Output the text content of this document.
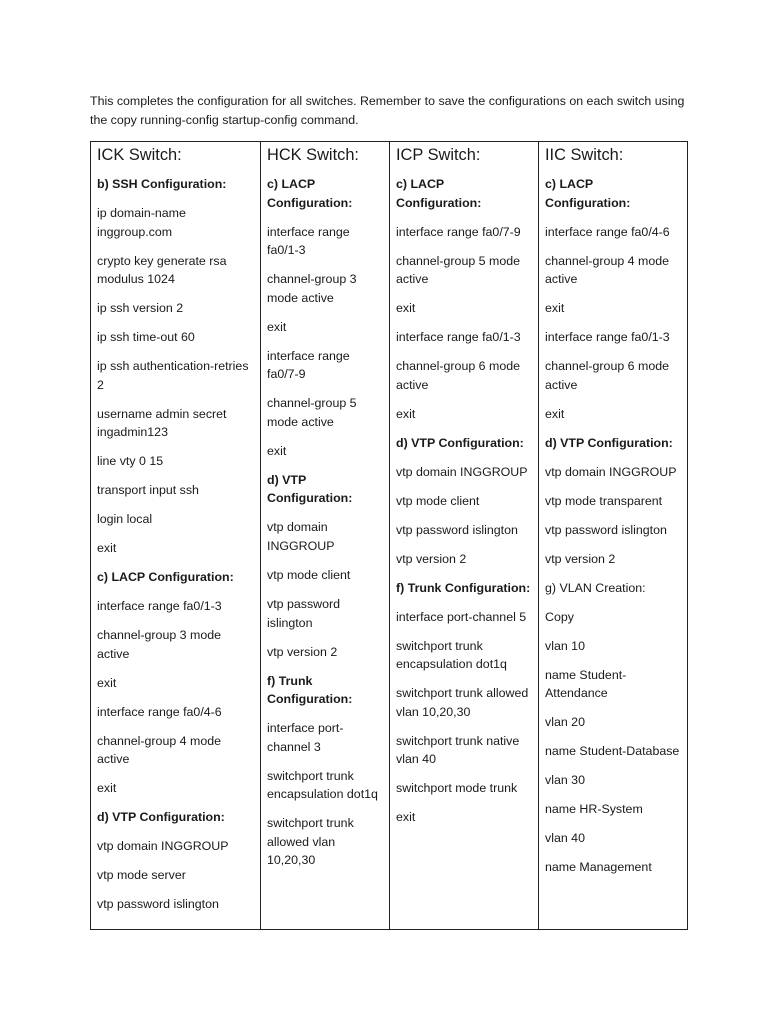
This completes the configuration for all switches. Remember to save the configurations on each switch using the copy running-config startup-config command.

ICK Switch:
b) SSH Configuration:
ip domain-name inggroup.com
crypto key generate rsa modulus 1024
ip ssh version 2
ip ssh time-out 60
ip ssh authentication-retries 2
username admin secret ingadmin123
line vty 0 15
transport input ssh
login local
exit
c) LACP Configuration:
interface range fa0/1-3
channel-group 3 mode active
exit
interface range fa0/4-6
channel-group 4 mode active
exit
d) VTP Configuration:
vtp domain INGGROUP
vtp mode server
vtp password islington
HCK Switch:
c) LACP Configuration:
interface range fa0/1-3
channel-group 3 mode active
exit
interface range fa0/7-9
channel-group 5 mode active
exit
d) VTP Configuration:
vtp domain INGGROUP
vtp mode client
vtp password islington
vtp version 2
f) Trunk Configuration:
interface port-channel 3
switchport trunk encapsulation dot1q
switchport trunk allowed vlan 10,20,30
ICP Switch:
c) LACP Configuration:
interface range fa0/7-9
channel-group 5 mode active
exit
interface range fa0/1-3
channel-group 6 mode active
exit
d) VTP Configuration:
vtp domain INGGROUP
vtp mode client
vtp password islington
vtp version 2
f) Trunk Configuration:
interface port-channel 5
switchport trunk encapsulation dot1q
switchport trunk allowed vlan 10,20,30
switchport trunk native vlan 40
switchport mode trunk
exit
IIC Switch:
c) LACP Configuration:
interface range fa0/4-6
channel-group 4 mode active
exit
interface range fa0/1-3
channel-group 6 mode active
exit
d) VTP Configuration:
vtp domain INGGROUP
vtp mode transparent
vtp password islington
vtp version 2
g) VLAN Creation:
Copy
vlan 10
name Student-Attendance
vlan 20
name Student-Database
vlan 30
name HR-System
vlan 40
name Management
